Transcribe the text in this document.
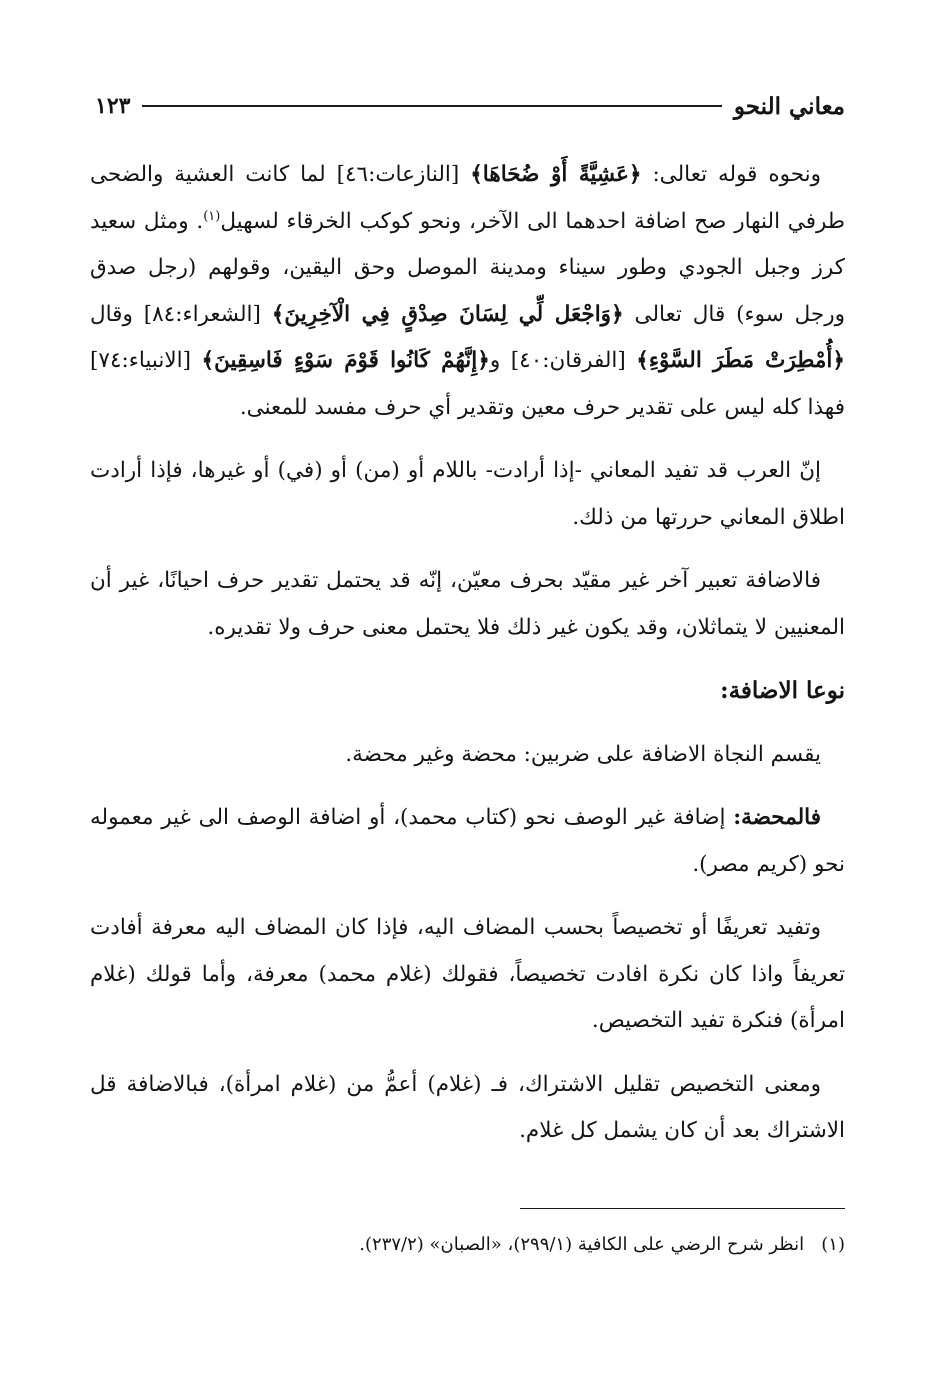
معاني النحو
١٢٣

ونحوه قوله تعالى: ﴿عَشِيَّةً أَوْ ضُحَاهَا﴾ [النازعات:٤٦] لما كانت العشية والضحى طرفي النهار صح اضافة احدهما الى الآخر، ونحو كوكب الخرقاء لسهيل$^{(١)}$. ومثل سعيد كرز وجبل الجودي وطور سيناء ومدينة الموصل وحق اليقين، وقولهم (رجل صدق ورجل سوء) قال تعالى ﴿وَاجْعَل لِّي لِسَانَ صِدْقٍ فِي الْآخِرِينَ﴾ [الشعراء:٨٤] وقال ﴿أُمْطِرَتْ مَطَرَ السَّوْءِ﴾ [الفرقان:٤٠] و﴿إِنَّهُمْ كَانُوا قَوْمَ سَوْءٍ فَاسِقِينَ﴾ [الانبياء:٧٤] فهذا كله ليس على تقدير حرف معين وتقدير أي حرف مفسد للمعنى.

إنّ العرب قد تفيد المعاني -إذا أرادت- باللام أو (من) أو (في) أو غيرها، فإذا أرادت اطلاق المعاني حررتها من ذلك.

فالاضافة تعبير آخر غير مقيّد بحرف معيّن، إنّه قد يحتمل تقدير حرف احيانًا، غير أن المعنيين لا يتماثلان، وقد يكون غير ذلك فلا يحتمل معنى حرف ولا تقديره.

نوعا الاضافة:

يقسم النجاة الاضافة على ضربين: محضة وغير محضة.

فالمحضة: إضافة غير الوصف نحو (كتاب محمد)، أو اضافة الوصف الى غير معموله نحو (كريم مصر).

وتفيد تعريفًا أو تخصيصاً بحسب المضاف اليه، فإذا كان المضاف اليه معرفة أفادت تعريفاً واذا كان نكرة افادت تخصيصاً، فقولك (غلام محمد) معرفة، وأما قولك (غلام امرأة) فنكرة تفيد التخصيص.

ومعنى التخصيص تقليل الاشتراك، فـ (غلام) أعمُّ من (غلام امرأة)، فبالاضافة قل الاشتراك بعد أن كان يشمل كل غلام.

(١)   انظر شرح الرضي على الكافية (٢٩٩/١)، «الصبان» (٢٣٧/٢).
